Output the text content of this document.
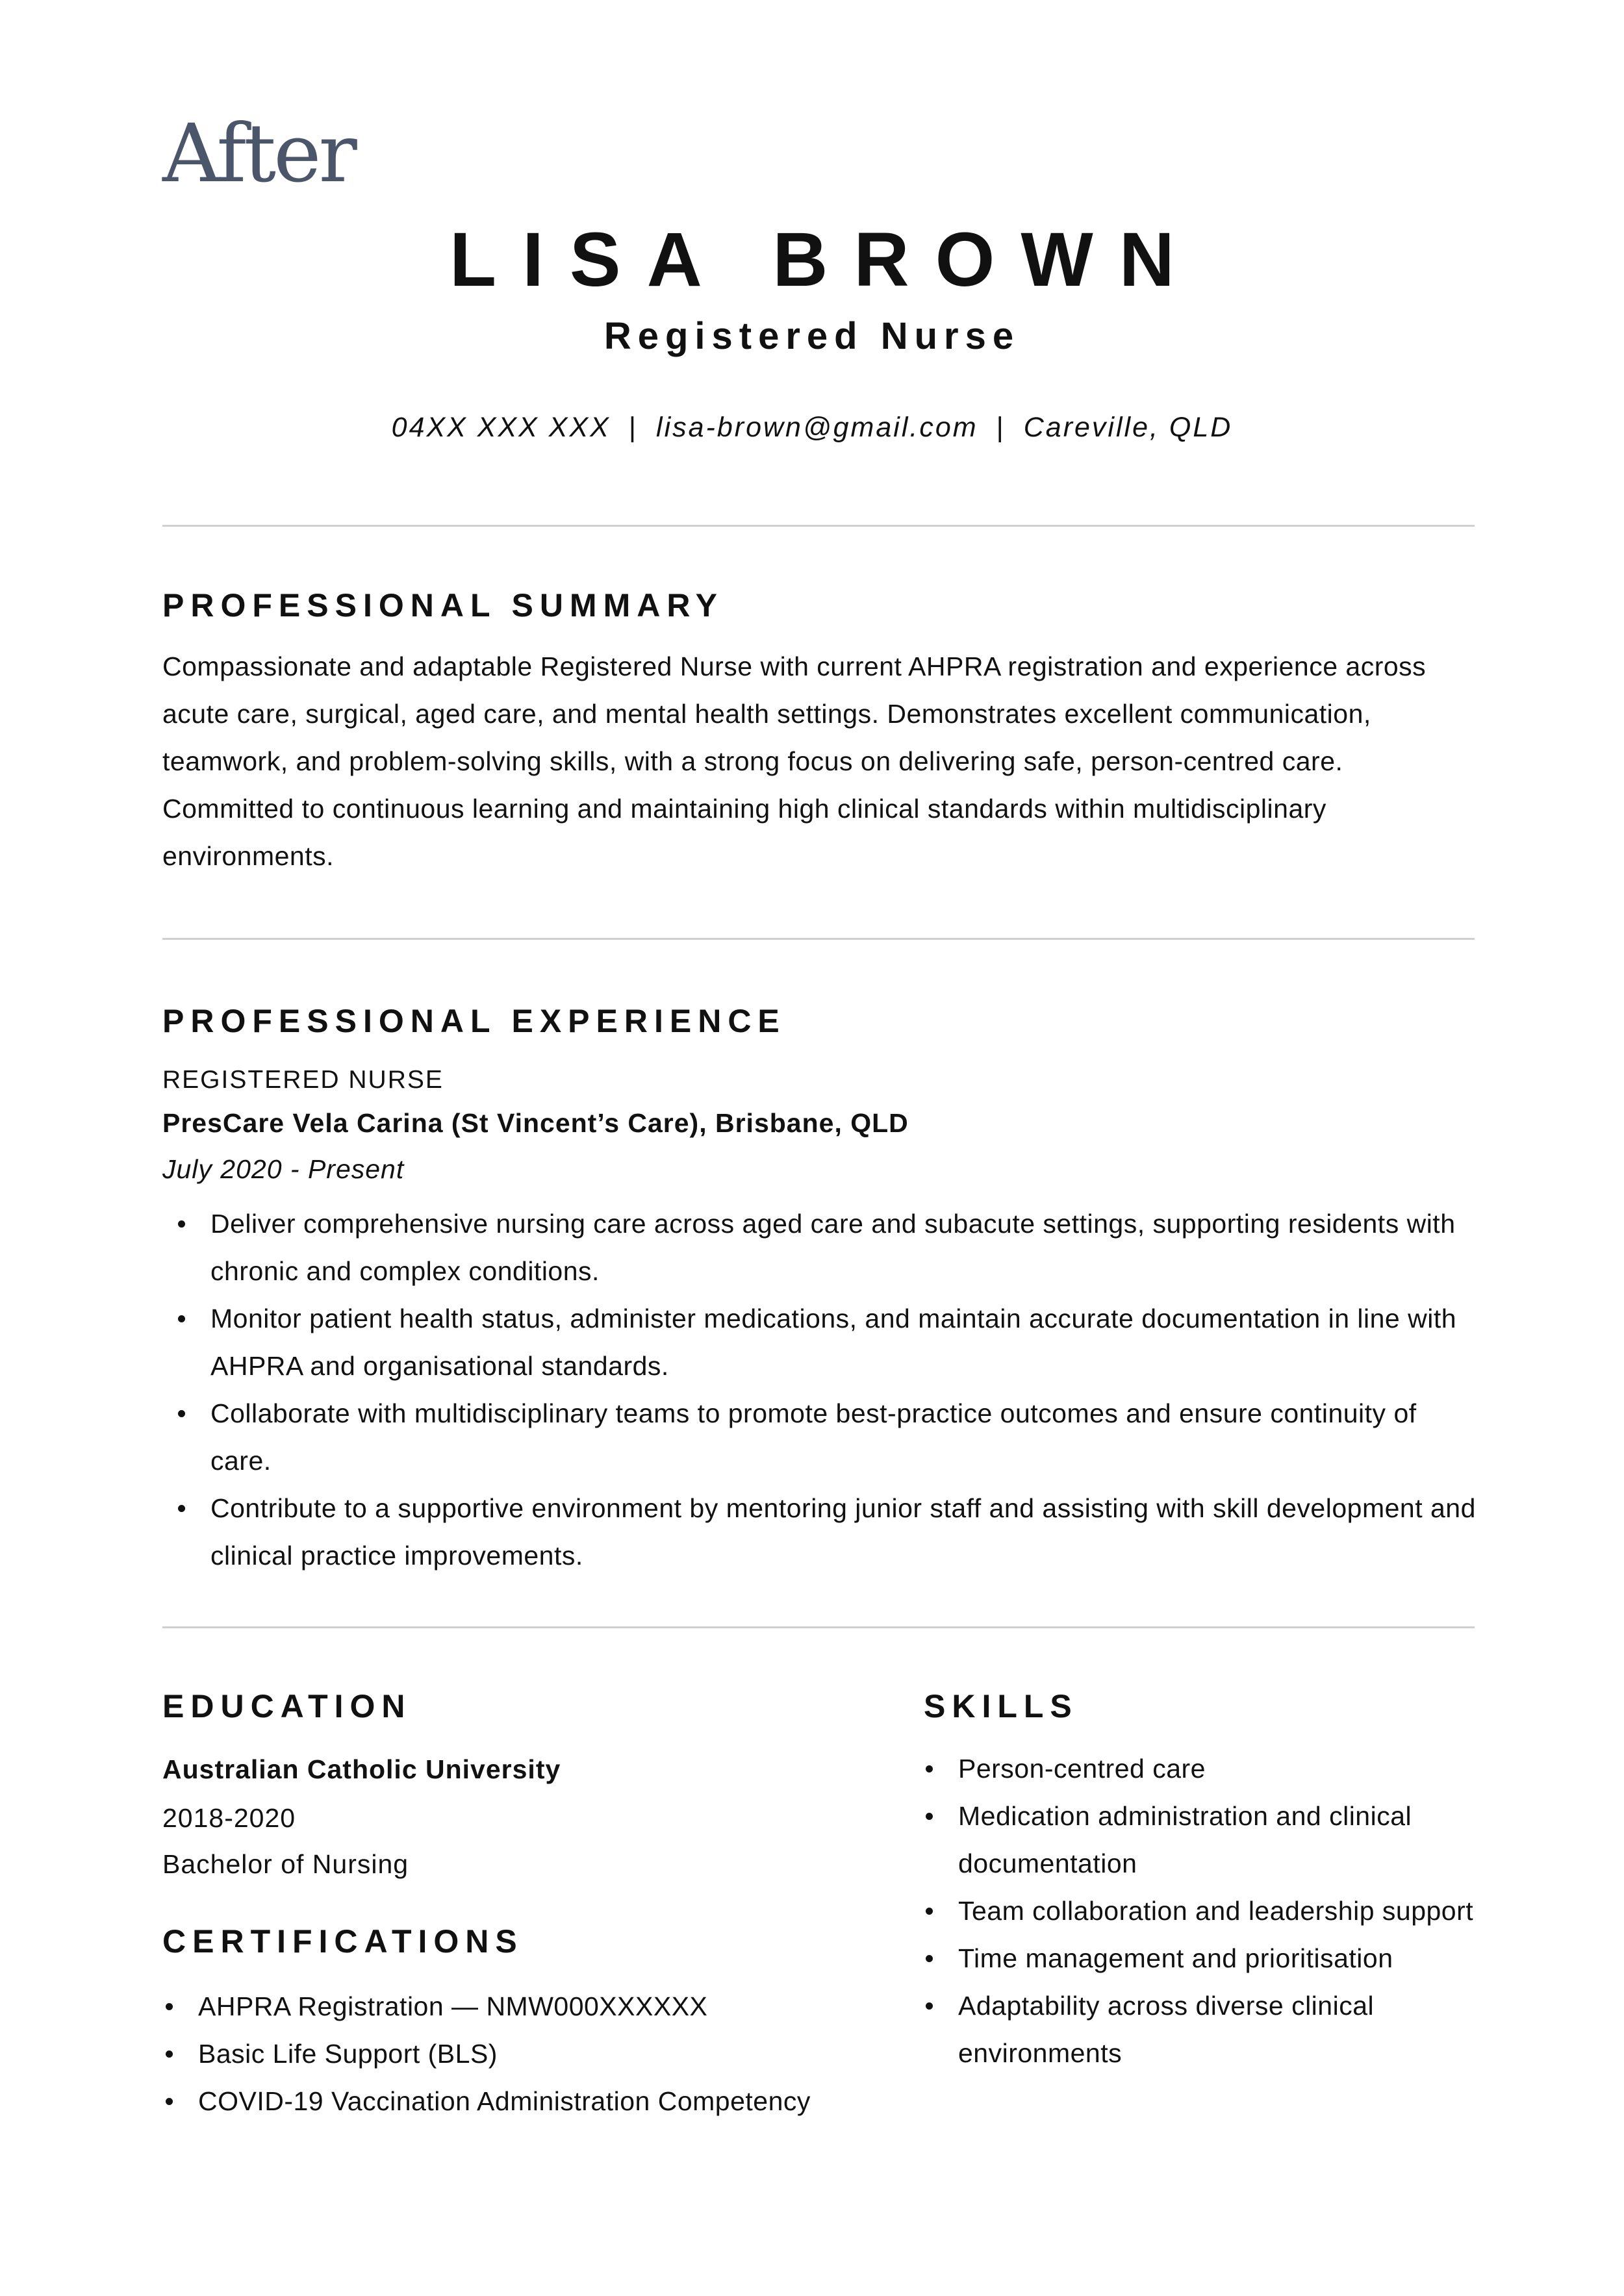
After
LISA BROWN
Registered Nurse
04XX XXX XXX | lisa-brown@gmail.com | Careville, QLD
PROFESSIONAL SUMMARY
Compassionate and adaptable Registered Nurse with current AHPRA registration and experience across acute care, surgical, aged care, and mental health settings. Demonstrates excellent communication, teamwork, and problem-solving skills, with a strong focus on delivering safe, person-centred care. Committed to continuous learning and maintaining high clinical standards within multidisciplinary environments.
PROFESSIONAL EXPERIENCE
REGISTERED NURSE
PresCare Vela Carina (St Vincent’s Care), Brisbane, QLD
July 2020 - Present
Deliver comprehensive nursing care across aged care and subacute settings, supporting residents with chronic and complex conditions.
Monitor patient health status, administer medications, and maintain accurate documentation in line with AHPRA and organisational standards.
Collaborate with multidisciplinary teams to promote best-practice outcomes and ensure continuity of care.
Contribute to a supportive environment by mentoring junior staff and assisting with skill development and clinical practice improvements.
EDUCATION
Australian Catholic University
2018-2020
Bachelor of Nursing
CERTIFICATIONS
AHPRA Registration — NMW000XXXXXX
Basic Life Support (BLS)
COVID-19 Vaccination Administration Competency
SKILLS
Person-centred care
Medication administration and clinical documentation
Team collaboration and leadership support
Time management and prioritisation
Adaptability across diverse clinical environments
